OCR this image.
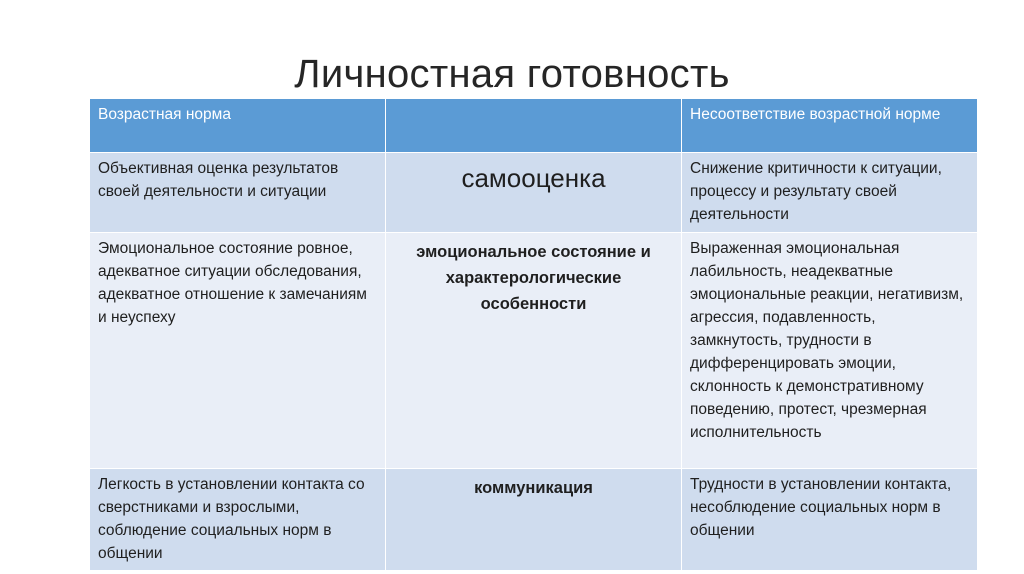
Личностная готовность
Возрастная норма		Несоответствие возрастной норме
Объективная оценка результатов своей деятельности и ситуации	самооценка	Снижение критичности к ситуации, процессу и результату своей деятельности
Эмоциональное состояние ровное, адекватное ситуации обследования, адекватное отношение к замечаниям и неуспеху	эмоциональное состояние и характерологические особенности	Выраженная эмоциональная лабильность, неадекватные эмоциональные реакции, негативизм, агрессия, подавленность, замкнутость, трудности в дифференцировать эмоции, склонность к демонстративному поведению, протест, чрезмерная исполнительность
Легкость в установлении контакта со сверстниками и взрослыми, соблюдение социальных норм в общении	коммуникация	Трудности в установлении контакта, несоблюдение социальных норм в общении
